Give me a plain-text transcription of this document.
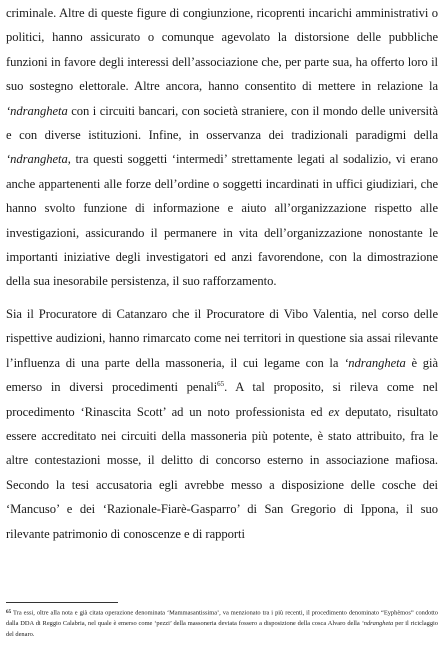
criminale. Altre di queste figure di congiunzione, ricoprenti incarichi amministrativi o politici, hanno assicurato o comunque agevolato la distorsione delle pubbliche funzioni in favore degli interessi dell’associazione che, per parte sua, ha offerto loro il suo sostegno elettorale. Altre ancora, hanno consentito di mettere in relazione la ‘ndrangheta con i circuiti bancari, con società straniere, con il mondo delle università e con diverse istituzioni. Infine, in osservanza dei tradizionali paradigmi della ‘ndrangheta, tra questi soggetti ‘intermedi’ strettamente legati al sodalizio, vi erano anche appartenenti alle forze dell’ordine o soggetti incardinati in uffici giudiziari, che hanno svolto funzione di informazione e aiuto all’organizzazione rispetto alle investigazioni, assicurando il permanere in vita dell’organizzazione nonostante le importanti iniziative degli investigatori ed anzi favorendone, con la dimostrazione della sua inesorabile persistenza, il suo rafforzamento.

Sia il Procuratore di Catanzaro che il Procuratore di Vibo Valentia, nel corso delle rispettive audizioni, hanno rimarcato come nei territori in questione sia assai rilevante l’influenza di una parte della massoneria, il cui legame con la ‘ndrangheta è già emerso in diversi procedimenti penali$^{65}$. A tal proposito, si rileva come nel procedimento ‘Rinascita Scott’ ad un noto professionista ed ex deputato, risultato essere accreditato nei circuiti della massoneria più potente, è stato attribuito, fra le altre contestazioni mosse, il delitto di concorso esterno in associazione mafiosa. Secondo la tesi accusatoria egli avrebbe messo a disposizione delle cosche dei ‘Mancuso’ e dei ‘Razionale-Fiarè-Gasparro’ di San Gregorio di Ippona, il suo rilevante patrimonio di conoscenze e di rapporti

$^{65}$ Tra essi, oltre alla nota e già citata operazione denominata ‘Mammasantissima’, va menzionato tra i più recenti, il procedimento denominato “Eyphèmos” condotto dalla DDA di Reggio Calabria, nel quale è emerso come ‘pezzi’ della massoneria deviata fossero a disposizione della cosca Alvaro della ‘ndrangheta per il riciclaggio del denaro.
